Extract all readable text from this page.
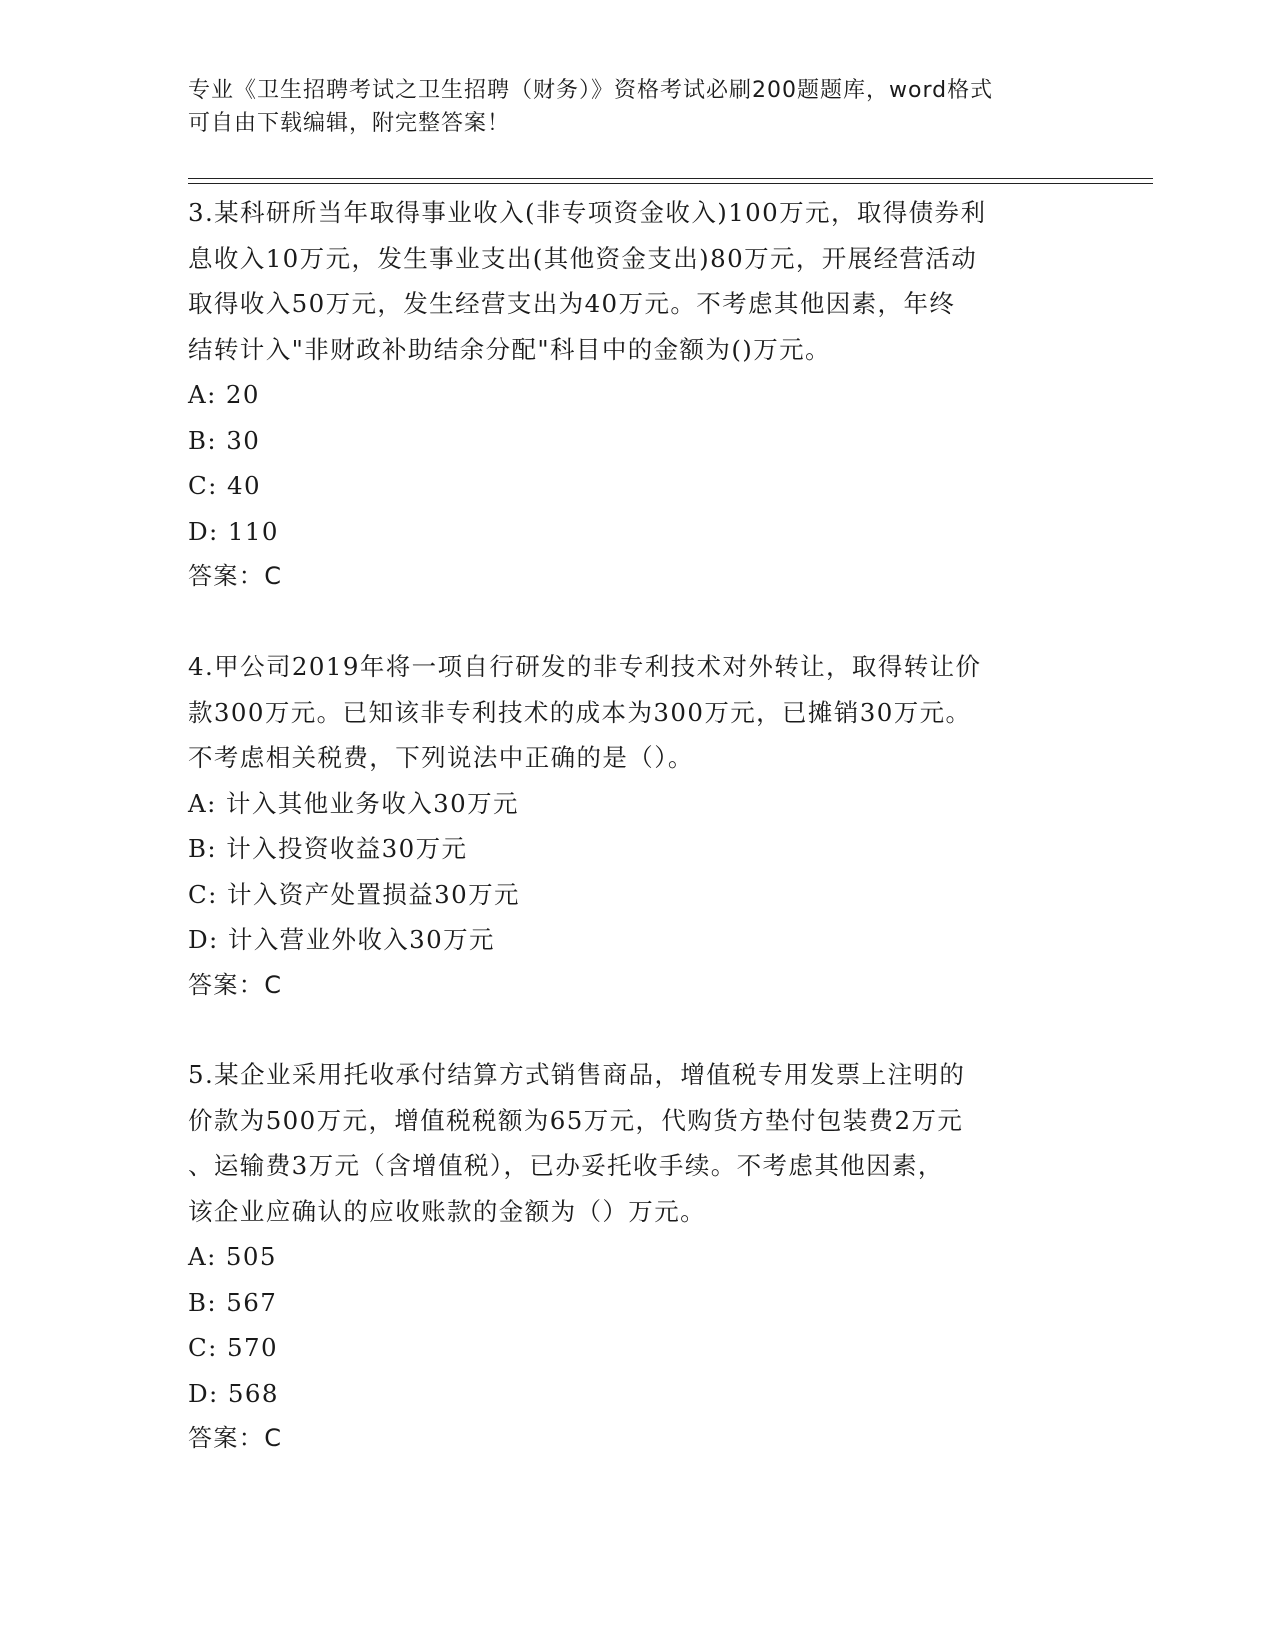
专业《卫生招聘考试之卫生招聘（财务）》资格考试必刷200题题库，word格式
可自由下载编辑，附完整答案！

3.某科研所当年取得事业收入(非专项资金收入)100万元，取得债券利

息收入10万元，发生事业支出(其他资金支出)80万元，开展经营活动

取得收入50万元，发生经营支出为40万元。不考虑其他因素，年终

结转计入"非财政补助结余分配"科目中的金额为()万元。

A: 20

B: 30

C: 40

D: 110

答案：C

4.甲公司2019年将一项自行研发的非专利技术对外转让，取得转让价

款300万元。已知该非专利技术的成本为300万元，已摊销30万元。

不考虑相关税费，下列说法中正确的是（）。

A: 计入其他业务收入30万元

B: 计入投资收益30万元

C: 计入资产处置损益30万元

D: 计入营业外收入30万元

答案：C

5.某企业采用托收承付结算方式销售商品，增值税专用发票上注明的

价款为500万元，增值税税额为65万元，代购货方垫付包装费2万元

、运输费3万元（含增值税），已办妥托收手续。不考虑其他因素，

该企业应确认的应收账款的金额为（）万元。

A: 505

B: 567

C: 570

D: 568

答案：C
